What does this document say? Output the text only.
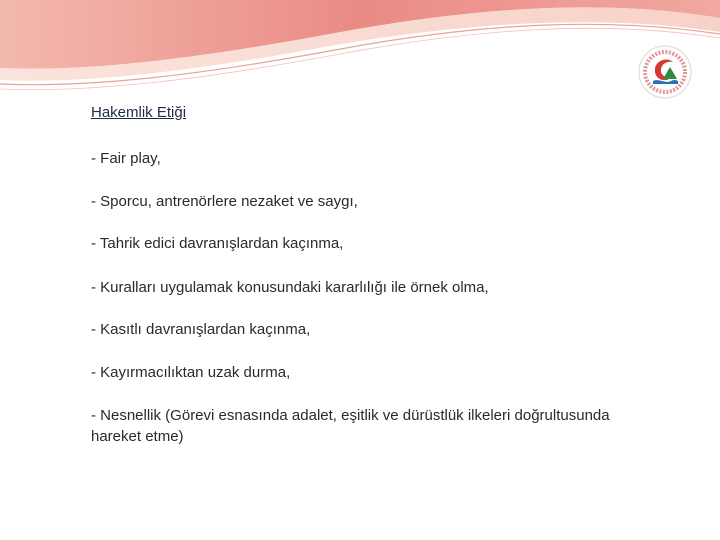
Hakemlik Etiği

- Fair play,
- Sporcu, antrenörlere nezaket ve saygı,
- Tahrik edici davranışlardan kaçınma,
- Kuralları uygulamak konusundaki kararlılığı ile örnek olma,
- Kasıtlı davranışlardan kaçınma,
- Kayırmacılıktan uzak durma,
- Nesnellik (Görevi esnasında adalet, eşitlik ve dürüstlük ilkeleri doğrultusunda hareket etme)
